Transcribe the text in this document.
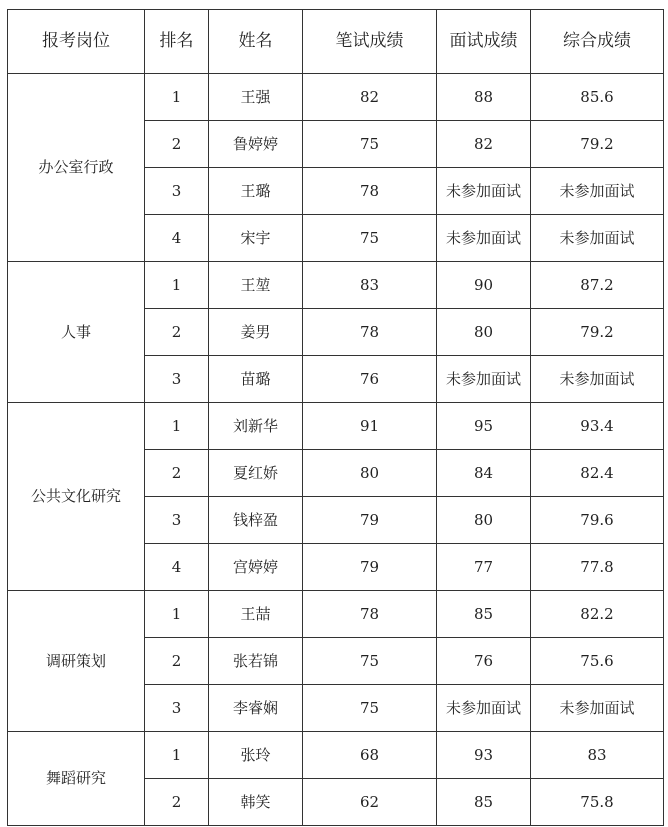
报考岗位	排名	姓名	笔试成绩	面试成绩	综合成绩
办公室行政	1	王强	82	88	85.6
	2	鲁婷婷	75	82	79.2
	3	王璐	78	未参加面试	未参加面试
	4	宋宇	75	未参加面试	未参加面试
人事	1	王堃	83	90	87.2
	2	姜男	78	80	79.2
	3	苗璐	76	未参加面试	未参加面试
公共文化研究	1	刘新华	91	95	93.4
	2	夏红娇	80	84	82.4
	3	钱梓盈	79	80	79.6
	4	宫婷婷	79	77	77.8
调研策划	1	王喆	78	85	82.2
	2	张若锦	75	76	75.6
	3	李睿娴	75	未参加面试	未参加面试
舞蹈研究	1	张玲	68	93	83
	2	韩笑	62	85	75.8
